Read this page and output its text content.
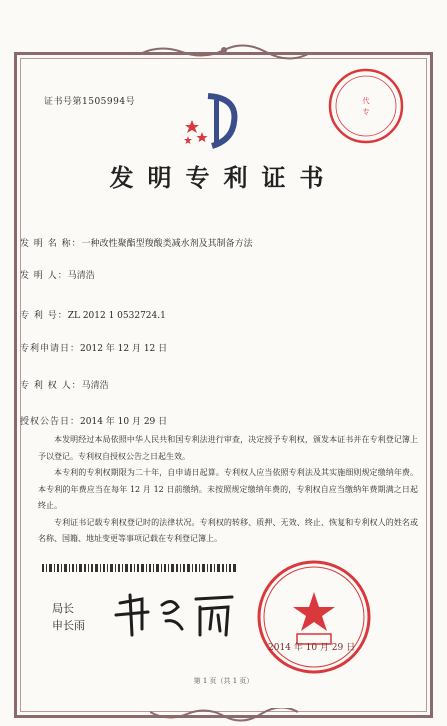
证书号第1505994号	代
专
发明专利证书
发 明 名 称：一种改性聚酯型羧酸类减水剂及其制备方法
发 明 人：马清浩
专 利 号：ZL 2012 1 0532724.1
专利申请日：2012 年 12 月 12 日
专 利 权 人：马清浩
授权公告日：2014 年 10 月 29 日

本发明经过本局依照中华人民共和国专利法进行审查，决定授予专利权，颁发本证书并在专利登记簿上予以登记。专利权自授权公告之日起生效。

本专利的专利权期限为二十年，自申请日起算。专利权人应当依照专利法及其实施细则规定缴纳年费。本专利的年费应当在每年 12 月 12 日前缴纳。未按照规定缴纳年费的，专利权自应当缴纳年费期满之日起终止。

专利证书记载专利权登记时的法律状况。专利权的转移、质押、无效、终止、恢复和专利权人的姓名或名称、国籍、地址变更等事项记载在专利登记簿上。

局长
申长雨
2014 年 10 月 29 日
第 1 页（共 1 页）
